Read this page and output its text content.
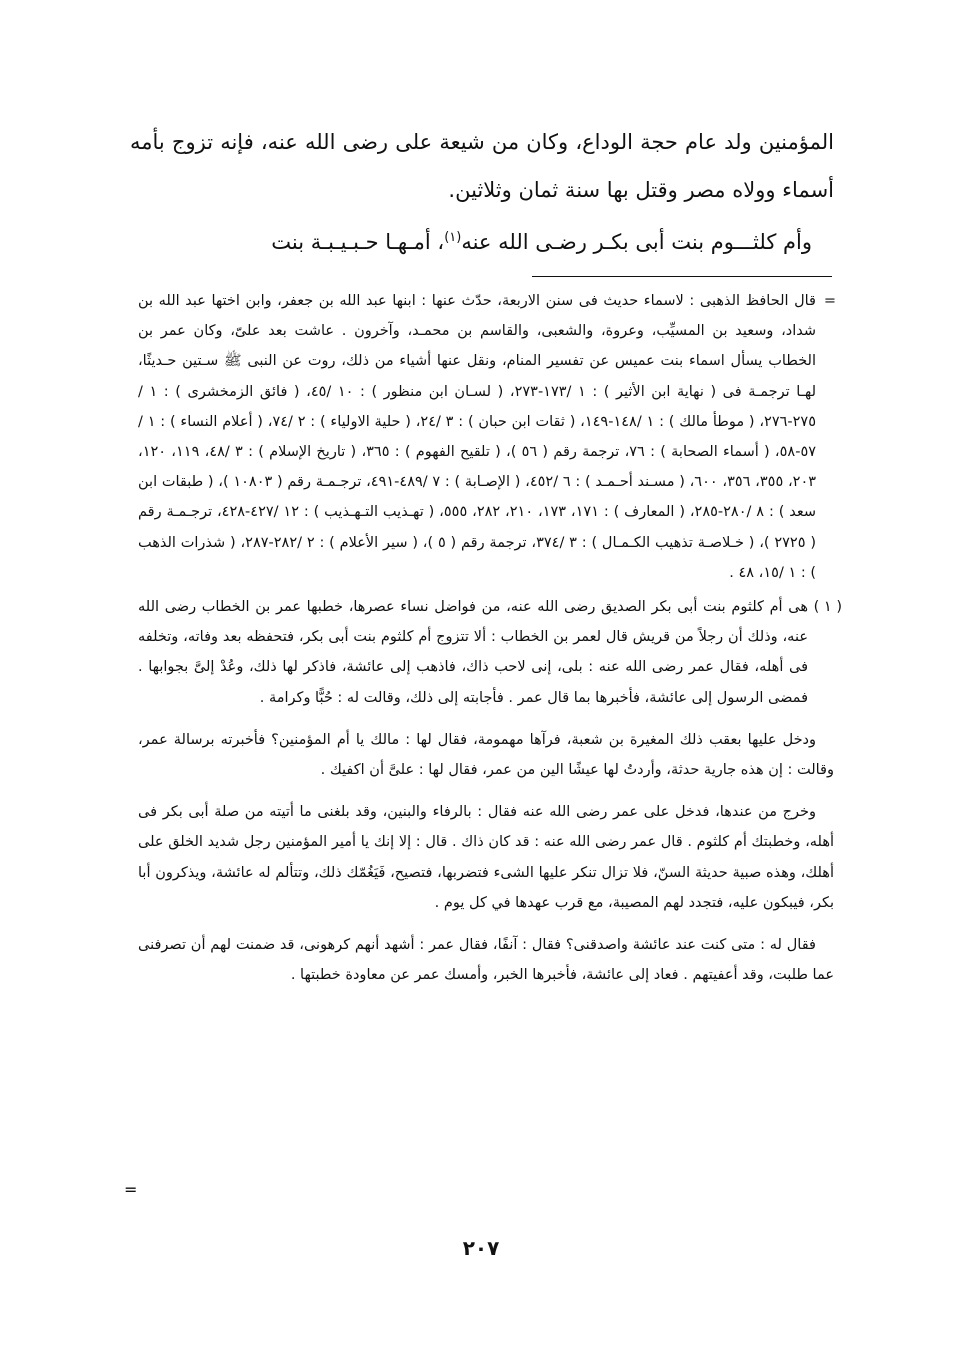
المؤمنين ولد عام حجة الوداع، وكان من شيعة على رضى الله عنه، فإنه تزوج بأمه أسماء وولاه مصر وقتل بها سنة ثمان وثلاثين.

وأم كلثـــوم بنت أبى بكـر رضـى الله عنه$^{(١)}$، أمـهـا حـبـيـبـة بنت

=
قال الحافظ الذهبى : لاسماء حديث فى سنن الاربعة، حدّث عنها : ابنها عبد الله بن جعفر، وابن اختها عبد الله بن شداد، وسعيد بن المسيِّب، وعروة، والشعبى، والقاسم بن محمـد، وآخرون . عاشت بعد علىّ، وكان عمر بن الخطاب يسأل اسماء بنت عميس عن تفسير المنام، ونقل عنها أشياء من ذلك، روت عن النبى ﷺ سـتين حـديثًا، لهـا ترجمـة فى ( نهاية ابن الأثير ) : ١ /١٧٣-٢٧٣، ( لسـان ابن منظور ) : ١٠ /٤٥، ( فائق الزمخشرى ) : ١ /٢٧٥-٢٧٦، ( موطأ مالك ) : ١ /١٤٨-١٤٩، ( ثقات ابن حبان ) : ٣ /٢٤، ( حلية الاولياء ) : ٢ /٧٤، ( أعلام النساء ) : ١ /٥٧-٥٨، ( أسماء الصحابة ) : ٧٦، ترجمة رقم ( ٥٦ )، ( تلقيح الفهوم ) : ٣٦٥، ( تاريخ الإسلام ) : ٣ /٤٨، ١١٩، ١٢٠، ٢٠٣، ٣٥٥، ٣٥٦، ٦٠٠، ( مسـند أحـمـد ) : ٦ /٤٥٢، ( الإصـابة ) : ٧ /٤٨٩-٤٩١، ترجـمـة رقم ( ١٠٨٠٣ )، ( طبقات ابن سعد ) : ٨ /٢٨٠-٢٨٥، ( المعارف ) : ١٧١، ١٧٣، ٢١٠، ٢٨٢، ٥٥٥، ( تهـذيب التـهـذيب ) : ١٢ /٤٢٧-٤٢٨، ترجـمـة رقم ( ٢٧٢٥ )، ( خـلاصـة تذهيب الكـمـال ) : ٣ /٣٧٤، ترجمة رقم ( ٥ )، ( سير الأعلام ) : ٢ /٢٨٢-٢٨٧، ( شذرات الذهب ) : ١ /١٥، ٤٨ .

( ١ )
هى أم كلثوم بنت أبى بكر الصديق رضى الله عنه، من فواضل نساء عصرها، خطبها عمر بن الخطاب رضى الله عنه، وذلك أن رجلاً من قريش قال لعمر بن الخطاب : ألا تتزوج أم كلثوم بنت أبى بكر، فتحفظه بعد وفاته، وتخلفه فى أهله، فقال عمر رضى الله عنه : بلى، إنى لاحب ذاك، فاذهب إلى عائشة، فاذكر لها ذلك، وعُدْ إلىَّ بجوابها . فمضى الرسول إلى عائشة، فأخبرها بما قال عمر . فأجابته إلى ذلك، وقالت له : حُبًّا وكرامة .

ودخل عليها بعقب ذلك المغيرة بن شعبة، فرآها مهمومة، فقال لها : مالك يا أم المؤمنين؟ فأخبرته برسالة عمر، وقالت : إن هذه جارية حدثة، وأردتُ لها عيشًا الين من عمر، فقال لها : علىَّ أن اكفيك .

وخرج من عندها، فدخل على عمر رضى الله عنه فقال : بالرفاء والبنين، وقد بلغنى ما أتيته من صلة أبى بكر فى أهله، وخطبتك أم كلثوم . قال عمر رضى الله عنه : قد كان ذاك . قال : إلا إنك يا أمير المؤمنين رجل شديد الخلق على أهلك، وهذه صبية حديثة السنّ، فلا تزال تنكر عليها الشىء فتضربها، فتصيح، فَيَغُمّك ذلك، وتتألم له عائشة، ويذكرون أبا بكر، فيبكون عليه، فتجدد لهم المصيبة، مع قرب عهدها في كل يوم .

فقال له : متى كنت عند عائشة واصدقنى؟ فقال : آنفًا، فقال عمر : أشهد أنهم كرهونى، قد ضمنت لهم أن تصرفنى عما طلبت، وقد أعفيتهم . فعاد إلى عائشة، فأخبرها الخبر، وأمسك عمر عن معاودة خطبتها .

=
٢٠٧
